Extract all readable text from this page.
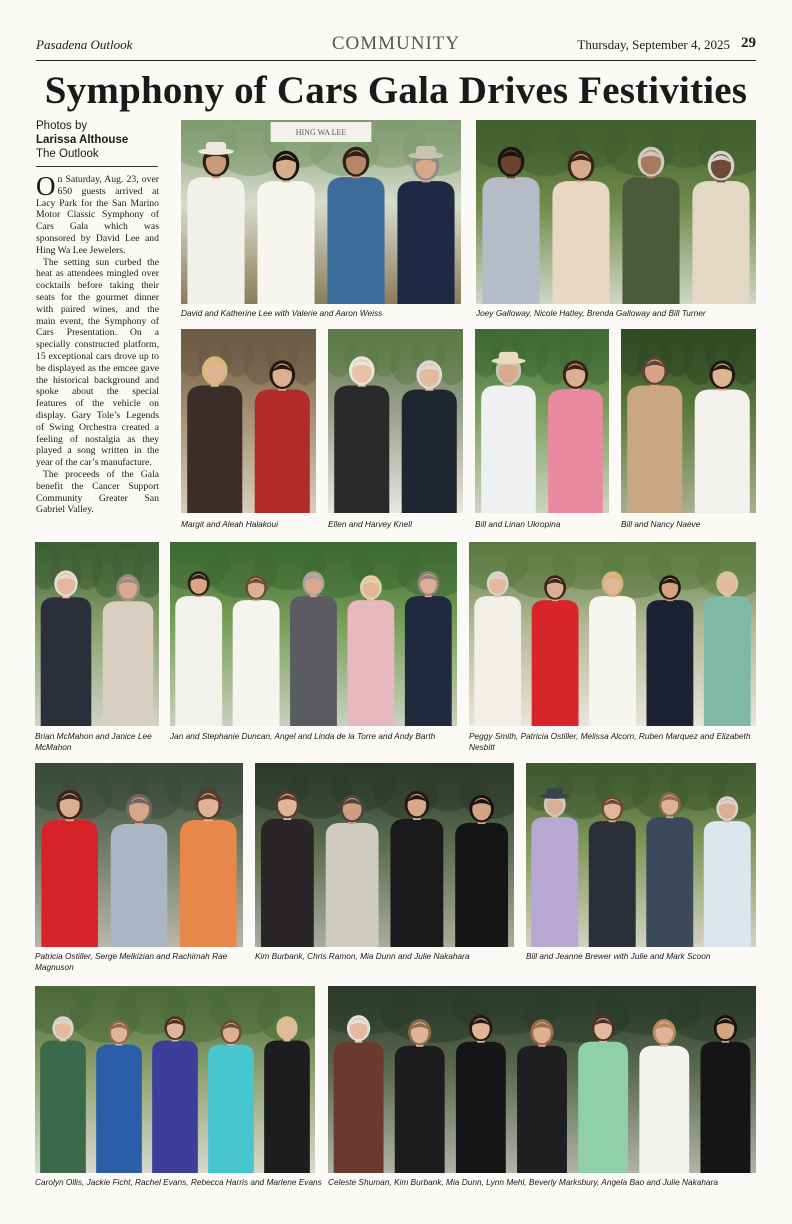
Pasadena Outlook	COMMUNITY	Thursday, September 4, 2025 29
Symphony of Cars Gala Drives Festivities
Photos by
Larissa Althouse
The Outlook

On Saturday, Aug. 23, over 650 guests arrived at Lacy Park for the San Marino Motor Classic Symphony of Cars Gala which was sponsored by David Lee and Hing Wa Lee Jewelers.

The setting sun curbed the heat as attendees mingled over cocktails before taking their seats for the gourmet dinner with paired wines, and the main event, the Symphony of Cars Presentation. On a specially constructed platform, 15 exceptional cars drove up to be displayed as the emcee gave the historical background and spoke about the special features of the vehicle on display. Gary Tole’s Legends of Swing Orchestra created a feeling of nostalgia as they played a song written in the year of the car’s manufacture.

The proceeds of the Gala benefit the Cancer Support Community Greater San Gabriel Valley.

HING WA LEE
David and Katherine Lee with Valerie and Aaron Weiss	Joey Galloway, Nicole Hatley, Brenda Galloway and Bill Turner
Margit and Aleah Halakoui	Ellen and Harvey Knell	Bill and Linan Ukropina	Bill and Nancy Naeve
Brian McMahon and Janice Lee McMahon
Jan and Stephanie Duncan, Angel and Linda de la Torre and Andy Barth	Peggy Smith, Patricia Ostiller, Melissa Alcorn, Ruben Marquez and Elizabeth Nesbitt
Patricia Ostiller, Serge Melkizian and Rachimah Rae Magnuson
Kim Burbank, Chris Ramon, Mia Dunn and Julie Nakahara	Bill and Jeanne Brewer with Julie and Mark Scoon
Carolyn Ollis, Jackie Ficht, Rachel Evans, Rebecca Harris and Marlene Evans Celeste Shuman, Kim Burbank, Mia Dunn, Lynn Mehl, Beverly Marksbury, Angela Bao and Julie Nakahara
